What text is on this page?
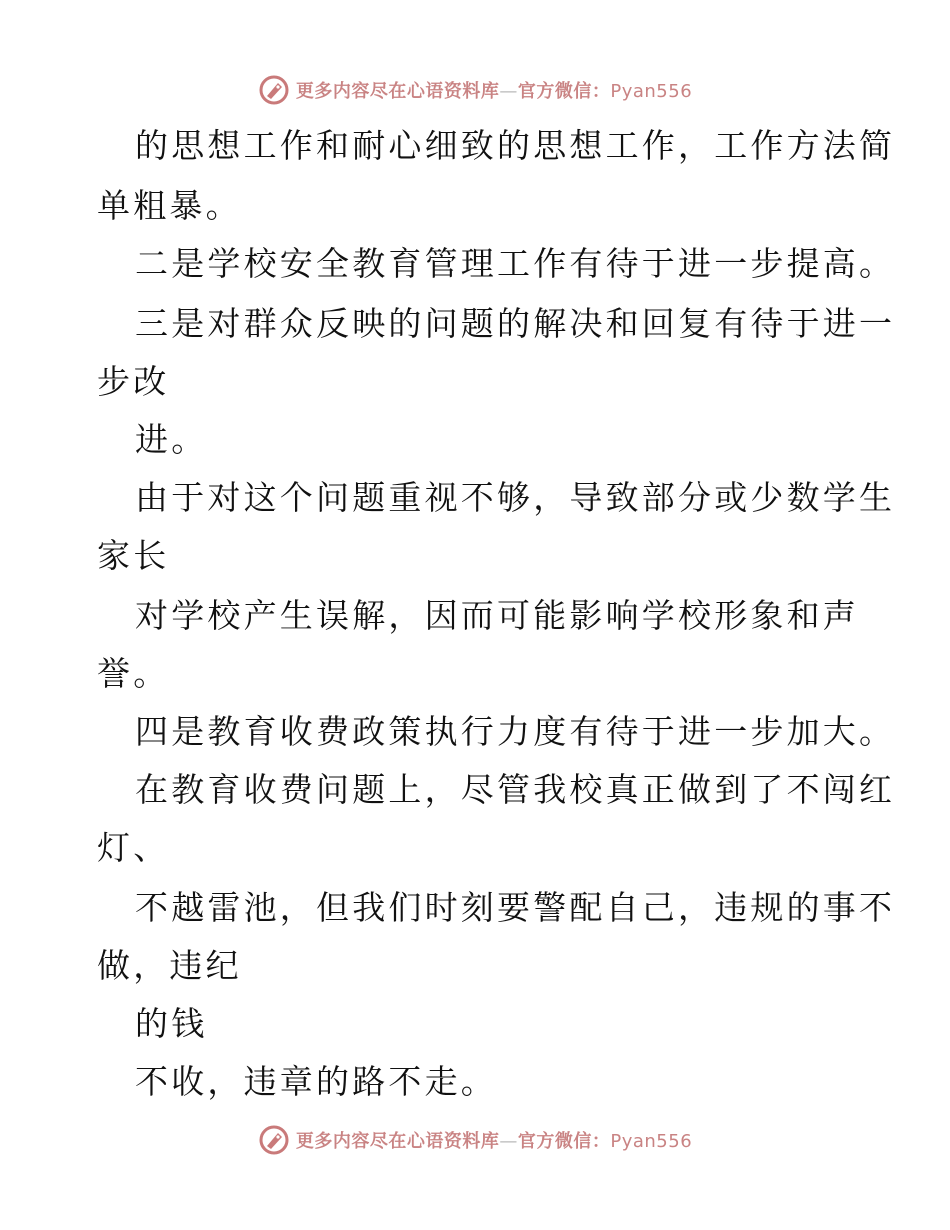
更多内容尽在心语资料库—官方微信：Pyan556
的思想工作和耐心细致的思想工作，工作方法简
单粗暴。
二是学校安全教育管理工作有待于进一步提高。
三是对群众反映的问题的解决和回复有待于进一
步改
进。
由于对这个问题重视不够，导致部分或少数学生
家长
对学校产生误解，因而可能影响学校形象和声
誉。
四是教育收费政策执行力度有待于进一步加大。
在教育收费问题上，尽管我校真正做到了不闯红
灯、
不越雷池，但我们时刻要警配自己，违规的事不
做，违纪
的钱
不收，违章的路不走。
更多内容尽在心语资料库—官方微信：Pyan556
